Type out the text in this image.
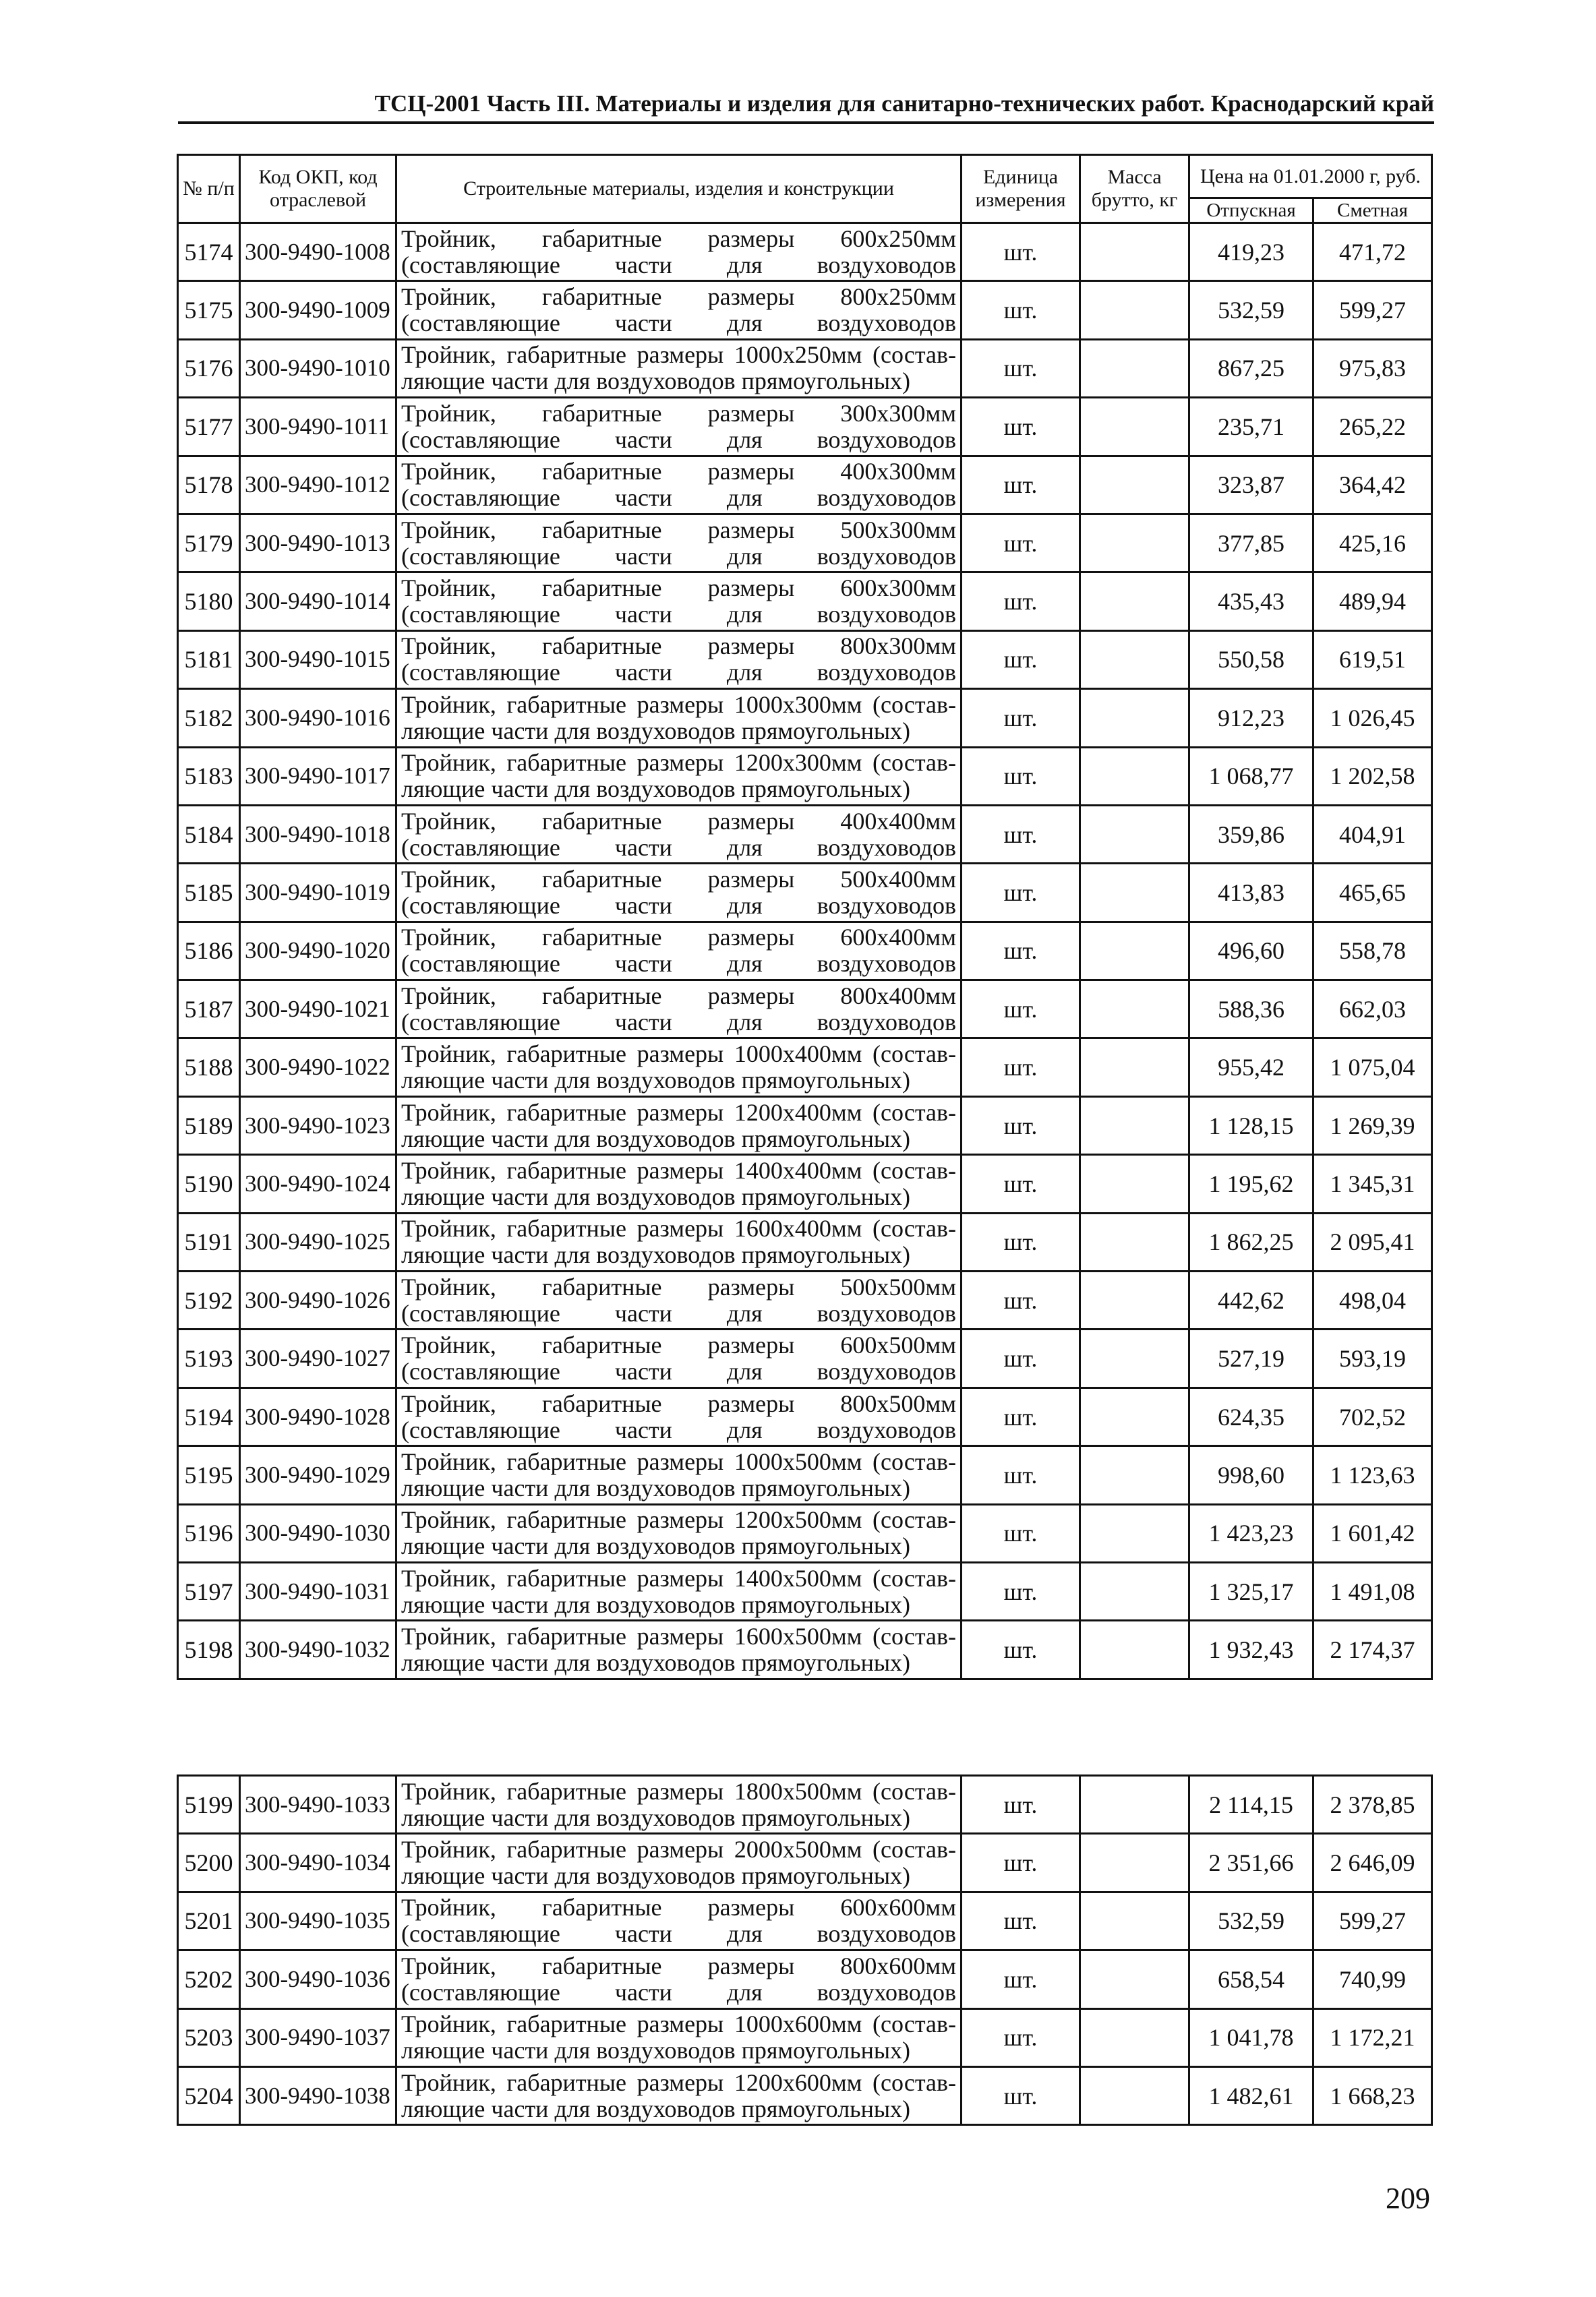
ТСЦ-2001 Часть III. Материалы и изделия для санитарно-технических работ. Краснодарский край
№ п/п	Код ОКП, код отраслевой	Строительные материалы, изделия и конструкции	Единица измерения	Масса брутто, кг	Цена на 01.01.2000 г, руб.	
					Отпускная	Сметная
5174	300-9490-1008	Тройник, габаритные размеры 600х250мм
(составляющие части для воздуховодов	шт.		419,23	471,72
5175	300-9490-1009	Тройник, габаритные размеры 800х250мм
(составляющие части для воздуховодов	шт.		532,59	599,27
5176	300-9490-1010	Тройник, габаритные размеры 1000х250мм (состав-
ляющие части для воздуховодов прямоугольных)	шт.		867,25	975,83
5177	300-9490-1011	Тройник, габаритные размеры 300х300мм
(составляющие части для воздуховодов	шт.		235,71	265,22
5178	300-9490-1012	Тройник, габаритные размеры 400х300мм
(составляющие части для воздуховодов	шт.		323,87	364,42
5179	300-9490-1013	Тройник, габаритные размеры 500х300мм
(составляющие части для воздуховодов	шт.		377,85	425,16
5180	300-9490-1014	Тройник, габаритные размеры 600х300мм
(составляющие части для воздуховодов	шт.		435,43	489,94
5181	300-9490-1015	Тройник, габаритные размеры 800х300мм
(составляющие части для воздуховодов	шт.		550,58	619,51
5182	300-9490-1016	Тройник, габаритные размеры 1000х300мм (состав-
ляющие части для воздуховодов прямоугольных)	шт.		912,23	1 026,45
5183	300-9490-1017	Тройник, габаритные размеры 1200х300мм (состав-
ляющие части для воздуховодов прямоугольных)	шт.		1 068,77	1 202,58
5184	300-9490-1018	Тройник, габаритные размеры 400х400мм
(составляющие части для воздуховодов	шт.		359,86	404,91
5185	300-9490-1019	Тройник, габаритные размеры 500х400мм
(составляющие части для воздуховодов	шт.		413,83	465,65
5186	300-9490-1020	Тройник, габаритные размеры 600х400мм
(составляющие части для воздуховодов	шт.		496,60	558,78
5187	300-9490-1021	Тройник, габаритные размеры 800х400мм
(составляющие части для воздуховодов	шт.		588,36	662,03
5188	300-9490-1022	Тройник, габаритные размеры 1000х400мм (состав-
ляющие части для воздуховодов прямоугольных)	шт.		955,42	1 075,04
5189	300-9490-1023	Тройник, габаритные размеры 1200х400мм (состав-
ляющие части для воздуховодов прямоугольных)	шт.		1 128,15	1 269,39
5190	300-9490-1024	Тройник, габаритные размеры 1400х400мм (состав-
ляющие части для воздуховодов прямоугольных)	шт.		1 195,62	1 345,31
5191	300-9490-1025	Тройник, габаритные размеры 1600х400мм (состав-
ляющие части для воздуховодов прямоугольных)	шт.		1 862,25	2 095,41
5192	300-9490-1026	Тройник, габаритные размеры 500х500мм
(составляющие части для воздуховодов	шт.		442,62	498,04
5193	300-9490-1027	Тройник, габаритные размеры 600х500мм
(составляющие части для воздуховодов	шт.		527,19	593,19
5194	300-9490-1028	Тройник, габаритные размеры 800х500мм
(составляющие части для воздуховодов	шт.		624,35	702,52
5195	300-9490-1029	Тройник, габаритные размеры 1000х500мм (состав-
ляющие части для воздуховодов прямоугольных)	шт.		998,60	1 123,63
5196	300-9490-1030	Тройник, габаритные размеры 1200х500мм (состав-
ляющие части для воздуховодов прямоугольных)	шт.		1 423,23	1 601,42
5197	300-9490-1031	Тройник, габаритные размеры 1400х500мм (состав-
ляющие части для воздуховодов прямоугольных)	шт.		1 325,17	1 491,08
5198	300-9490-1032	Тройник, габаритные размеры 1600х500мм (состав-
ляющие части для воздуховодов прямоугольных)	шт.		1 932,43	2 174,37
5199	300-9490-1033	Тройник, габаритные размеры 1800х500мм (состав-
ляющие части для воздуховодов прямоугольных)	шт.		2 114,15	2 378,85
5200	300-9490-1034	Тройник, габаритные размеры 2000х500мм (состав-
ляющие части для воздуховодов прямоугольных)	шт.		2 351,66	2 646,09
5201	300-9490-1035	Тройник, габаритные размеры 600х600мм
(составляющие части для воздуховодов	шт.		532,59	599,27
5202	300-9490-1036	Тройник, габаритные размеры 800х600мм
(составляющие части для воздуховодов	шт.		658,54	740,99
5203	300-9490-1037	Тройник, габаритные размеры 1000х600мм (состав-
ляющие части для воздуховодов прямоугольных)	шт.		1 041,78	1 172,21
5204	300-9490-1038	Тройник, габаритные размеры 1200х600мм (состав-
ляющие части для воздуховодов прямоугольных)	шт.		1 482,61	1 668,23
209
